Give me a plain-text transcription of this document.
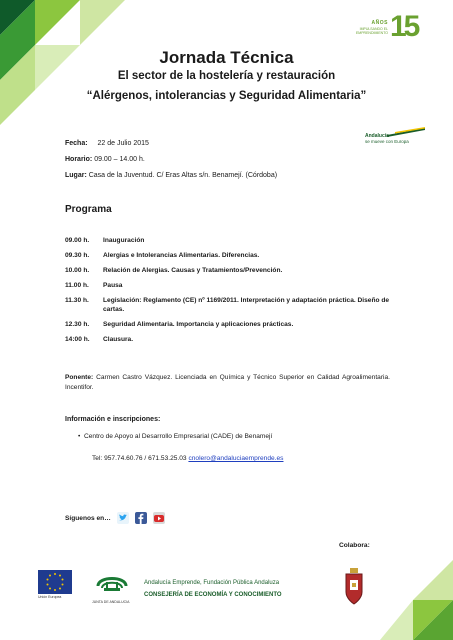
AÑOS
IMPULSANDO EL EMPRENDIMIENTO 15
Jornada Técnica
El sector de la hostelería y restauración
“Alérgenos, intolerancias y Seguridad Alimentaria”
Andalucía
se mueve con Europa
Fecha: 22 de Julio 2015
Horario: 09.00 – 14.00 h.
Lugar: Casa de la Juventud. C/ Eras Altas s/n. Benamejí. (Córdoba)
Programa
09.00 h.	Inauguración
09.30 h.	Alergias e Intolerancias Alimentarias. Diferencias.
10.00 h.	Relación de Alergias. Causas y Tratamientos/Prevención.
11.00 h.	Pausa
11.30 h.	Legislación: Reglamento (CE) nº 1169/2011. Interpretación y adaptación práctica. Diseño de cartas.
12.30 h.	Seguridad Alimentaria. Importancia y aplicaciones prácticas.
14:00 h.	Clausura.
Ponente: Carmen Castro Vázquez. Licenciada en Química y Técnico Superior en Calidad Agroalimentaria. Incentifor.
Información e inscripciones:
• Centro de Apoyo al Desarrollo Empresarial (CADE) de Benamejí
Tel: 957.74.60.76 / 671.53.25.03 cnolero@andaluciaemprende.es
Síguenos en…
Colabora:
Unión Europea
JUNTA DE ANDALUCIA
Andalucía Emprende, Fundación Pública Andaluza
CONSEJERÍA DE ECONOMÍA Y CONOCIMIENTO
